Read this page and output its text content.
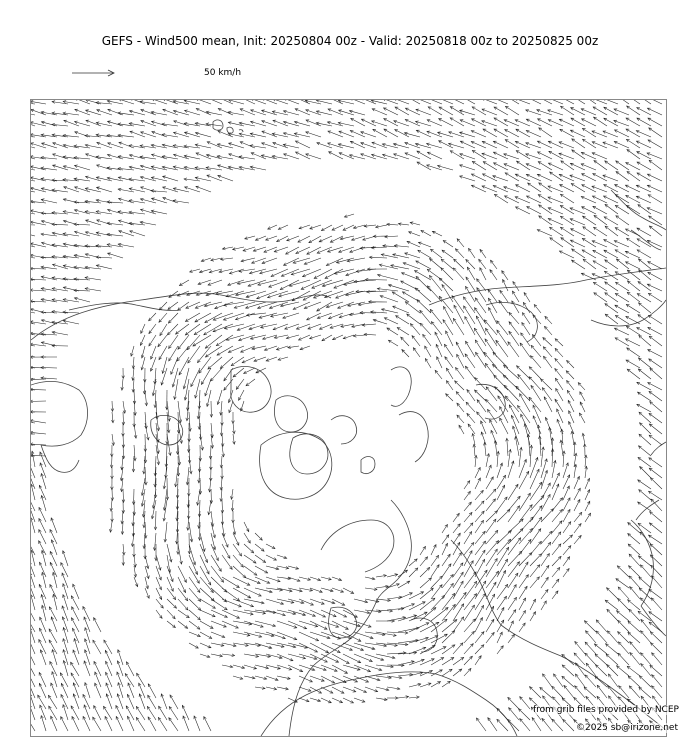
GEFS - Wind500 mean, Init: 20250804 00z - Valid: 20250818 00z to 20250825 00z
50 km/h
from grib files provided by NCEP
©2025 sb@irizone.net
